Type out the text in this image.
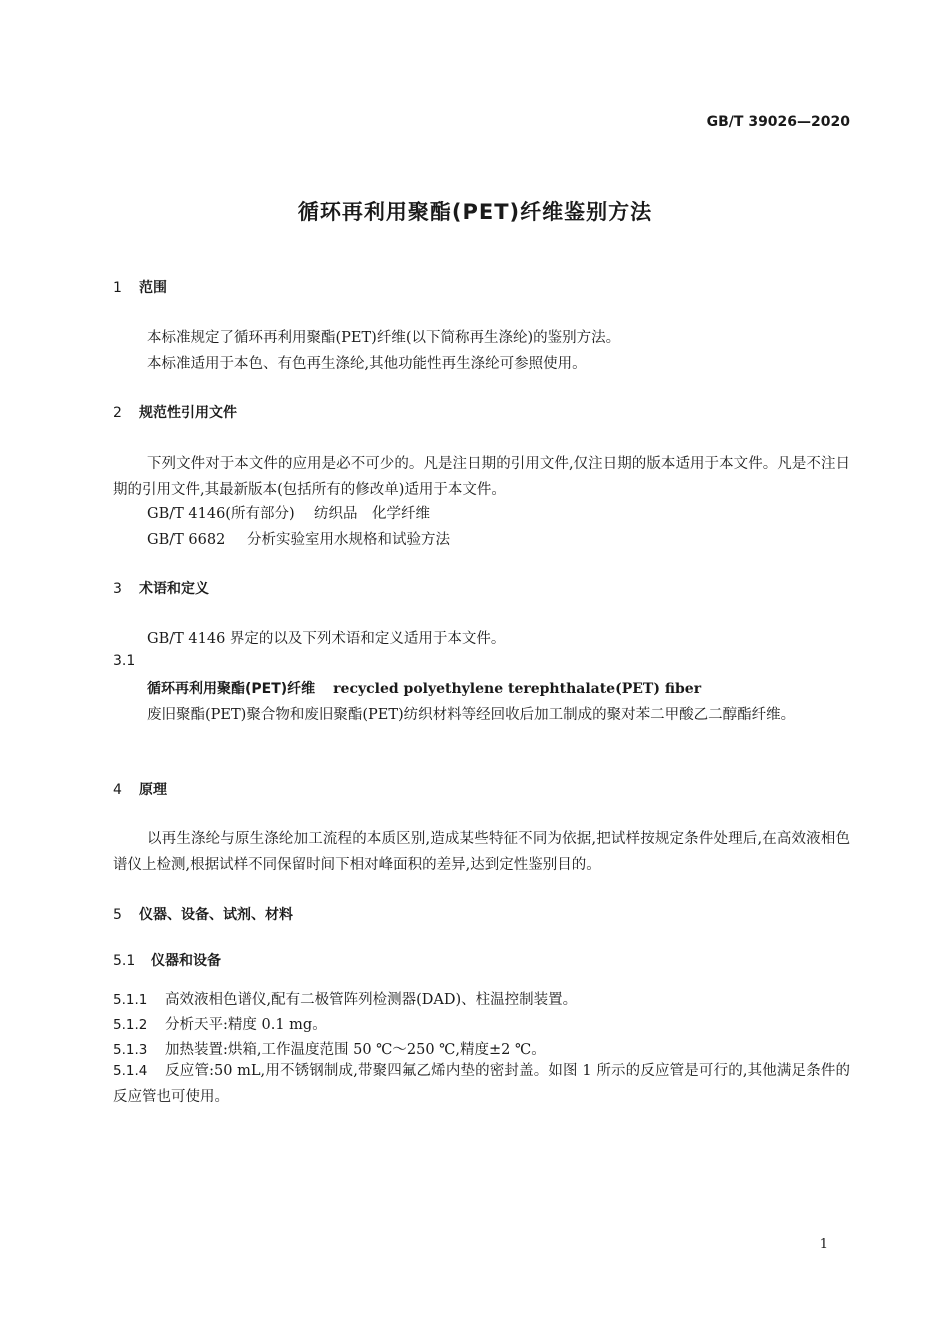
GB/T 39026—2020
循环再利用聚酯(PET)纤维鉴别方法
1 范围
本标准规定了循环再利用聚酯(PET)纤维(以下简称再生涤纶)的鉴别方法。
本标准适用于本色、有色再生涤纶,其他功能性再生涤纶可参照使用。
2 规范性引用文件
下列文件对于本文件的应用是必不可少的。凡是注日期的引用文件,仅注日期的版本适用于本文件。凡是不注日期的引用文件,其最新版本(包括所有的修改单)适用于本文件。
GB/T 4146(所有部分) 纺织品　化学纤维
GB/T 6682 分析实验室用水规格和试验方法
3 术语和定义
GB/T 4146 界定的以及下列术语和定义适用于本文件。
3.1
循环再利用聚酯(PET)纤维 recycled polyethylene terephthalate(PET) fiber
废旧聚酯(PET)聚合物和废旧聚酯(PET)纺织材料等经回收后加工制成的聚对苯二甲酸乙二醇酯纤维。
4 原理
以再生涤纶与原生涤纶加工流程的本质区别,造成某些特征不同为依据,把试样按规定条件处理后,在高效液相色谱仪上检测,根据试样不同保留时间下相对峰面积的差异,达到定性鉴别目的。
5 仪器、设备、试剂、材料
5.1 仪器和设备
5.1.1 高效液相色谱仪,配有二极管阵列检测器(DAD)、柱温控制装置。
5.1.2 分析天平:精度 0.1 mg。
5.1.3 加热装置:烘箱,工作温度范围 50 ℃～250 ℃,精度±2 ℃。
5.1.4 反应管:50 mL,用不锈钢制成,带聚四氟乙烯内垫的密封盖。如图 1 所示的反应管是可行的,其他满足条件的反应管也可使用。
1
